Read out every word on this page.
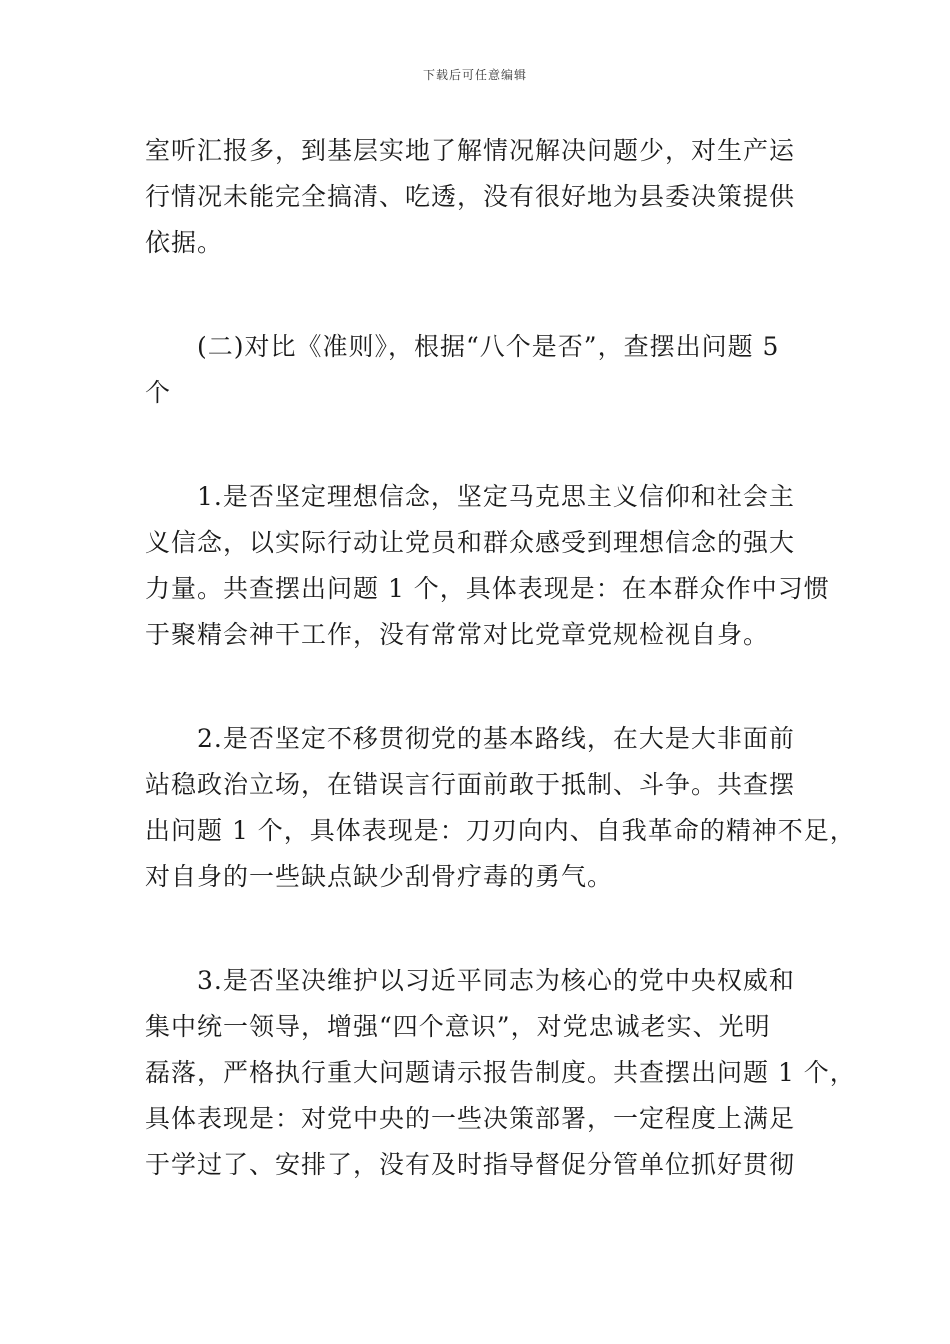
下载后可任意编辑
室听汇报多，到基层实地了解情况解决问题少，对生产运
行情况未能完全搞清、吃透，没有很好地为县委决策提供
依据。
(二)对比《准则》，根据“八个是否”，查摆出问题 5
个
1.是否坚定理想信念，坚定马克思主义信仰和社会主
义信念，以实际行动让党员和群众感受到理想信念的强大
力量。共查摆出问题 1 个，具体表现是：在本群众作中习惯
于聚精会神干工作，没有常常对比党章党规检视自身。
2.是否坚定不移贯彻党的基本路线，在大是大非面前
站稳政治立场，在错误言行面前敢于抵制、斗争。共查摆
出问题 1 个，具体表现是：刀刃向内、自我革命的精神不足，
对自身的一些缺点缺少刮骨疗毒的勇气。
3.是否坚决维护以习近平同志为核心的党中央权威和
集中统一领导，增强“四个意识”，对党忠诚老实、光明
磊落，严格执行重大问题请示报告制度。共查摆出问题 1 个，
具体表现是：对党中央的一些决策部署，一定程度上满足
于学过了、安排了，没有及时指导督促分管单位抓好贯彻
